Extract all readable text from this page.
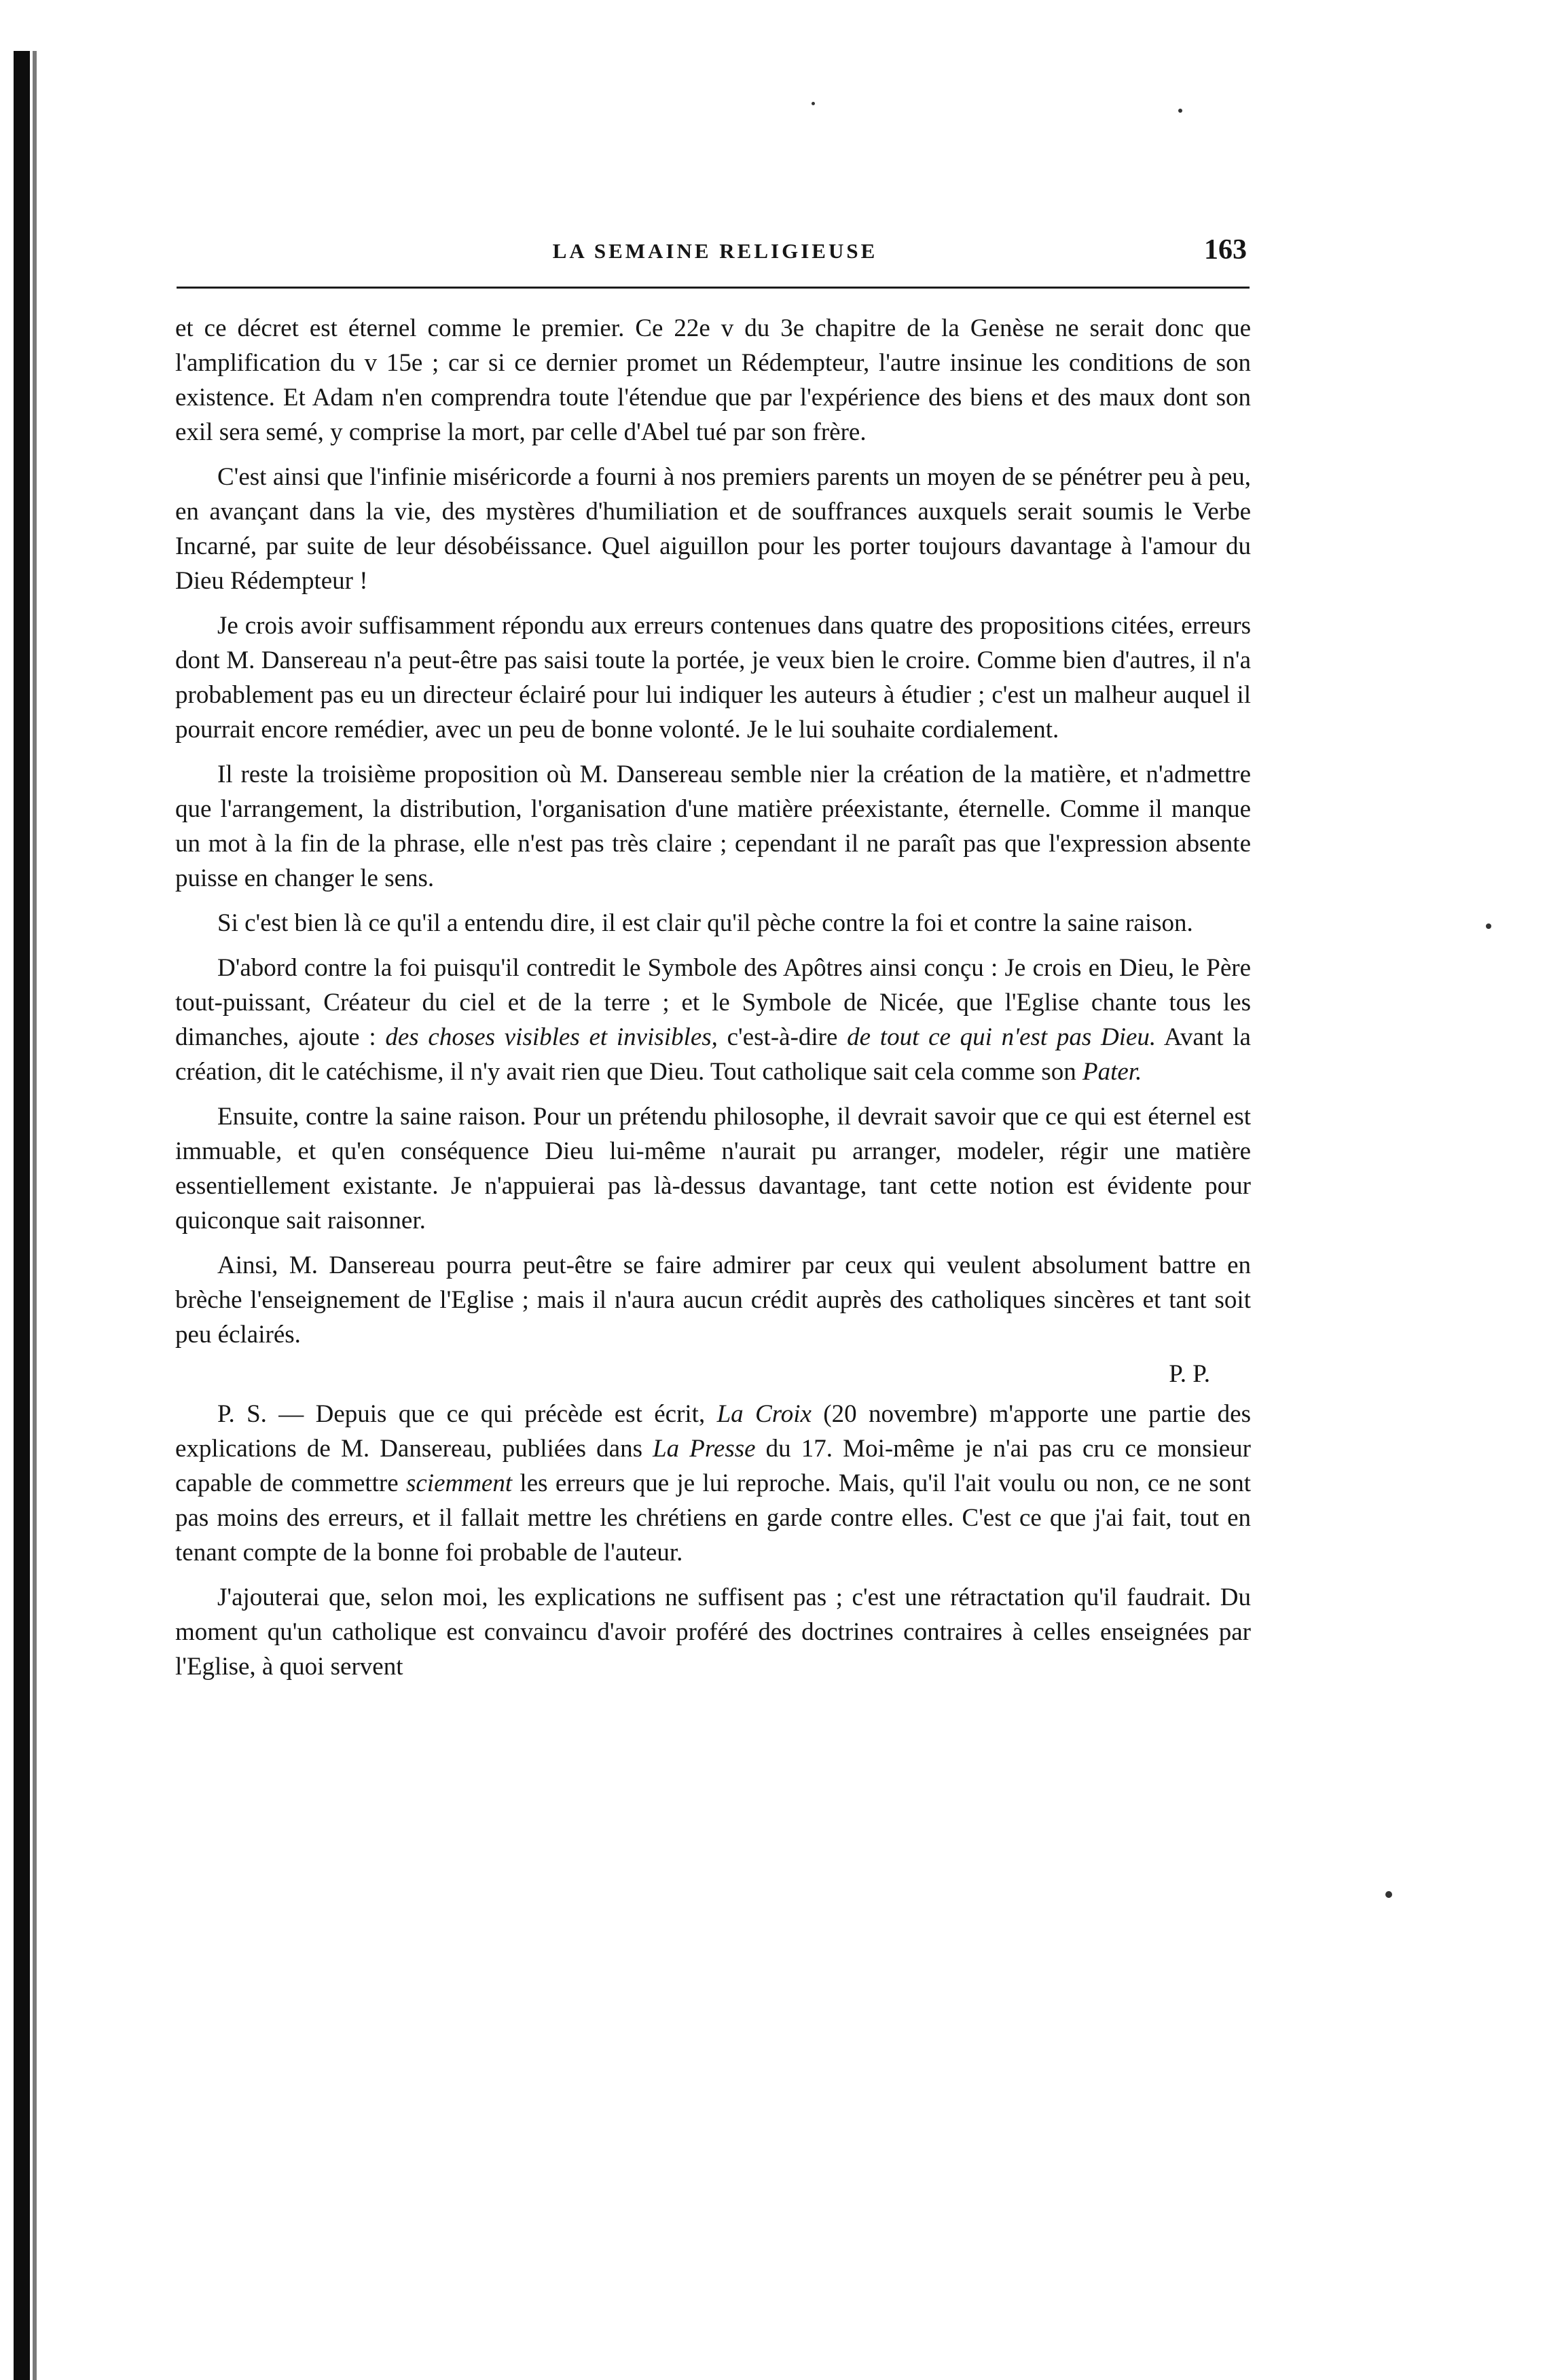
LA SEMAINE RELIGIEUSE	163

et ce décret est éternel comme le premier. Ce 22e v du 3e chapitre de la Genèse ne serait donc que l'amplification du v 15e ; car si ce dernier promet un Rédempteur, l'autre insinue les conditions de son existence. Et Adam n'en comprendra toute l'étendue que par l'expérience des biens et des maux dont son exil sera semé, y comprise la mort, par celle d'Abel tué par son frère.

C'est ainsi que l'infinie miséricorde a fourni à nos premiers parents un moyen de se pénétrer peu à peu, en avançant dans la vie, des mystères d'humiliation et de souffrances auxquels serait soumis le Verbe Incarné, par suite de leur désobéissance. Quel aiguillon pour les porter toujours davantage à l'amour du Dieu Rédempteur !

Je crois avoir suffisamment répondu aux erreurs contenues dans quatre des propositions citées, erreurs dont M. Dansereau n'a peut-être pas saisi toute la portée, je veux bien le croire. Comme bien d'autres, il n'a probablement pas eu un directeur éclairé pour lui indiquer les auteurs à étudier ; c'est un malheur auquel il pourrait encore remédier, avec un peu de bonne volonté. Je le lui souhaite cordialement.

Il reste la troisième proposition où M. Dansereau semble nier la création de la matière, et n'admettre que l'arrangement, la distribution, l'organisation d'une matière préexistante, éternelle. Comme il manque un mot à la fin de la phrase, elle n'est pas très claire ; cependant il ne paraît pas que l'expression absente puisse en changer le sens.

Si c'est bien là ce qu'il a entendu dire, il est clair qu'il pèche contre la foi et contre la saine raison.

D'abord contre la foi puisqu'il contredit le Symbole des Apôtres ainsi conçu : Je crois en Dieu, le Père tout-puissant, Créateur du ciel et de la terre ; et le Symbole de Nicée, que l'Eglise chante tous les dimanches, ajoute : des choses visibles et invisibles, c'est-à-dire de tout ce qui n'est pas Dieu. Avant la création, dit le catéchisme, il n'y avait rien que Dieu. Tout catholique sait cela comme son Pater.

Ensuite, contre la saine raison. Pour un prétendu philosophe, il devrait savoir que ce qui est éternel est immuable, et qu'en conséquence Dieu lui-même n'aurait pu arranger, modeler, régir une matière essentiellement existante. Je n'appuierai pas là-dessus davantage, tant cette notion est évidente pour quiconque sait raisonner.

Ainsi, M. Dansereau pourra peut-être se faire admirer par ceux qui veulent absolument battre en brèche l'enseignement de l'Eglise ; mais il n'aura aucun crédit auprès des catholiques sincères et tant soit peu éclairés.

P. P.

P. S. — Depuis que ce qui précède est écrit, La Croix (20 novembre) m'apporte une partie des explications de M. Dansereau, publiées dans La Presse du 17. Moi-même je n'ai pas cru ce monsieur capable de commettre sciemment les erreurs que je lui reproche. Mais, qu'il l'ait voulu ou non, ce ne sont pas moins des erreurs, et il fallait mettre les chrétiens en garde contre elles. C'est ce que j'ai fait, tout en tenant compte de la bonne foi probable de l'auteur.

J'ajouterai que, selon moi, les explications ne suffisent pas ; c'est une rétractation qu'il faudrait. Du moment qu'un catholique est convaincu d'avoir proféré des doctrines contraires à celles enseignées par l'Eglise, à quoi servent
